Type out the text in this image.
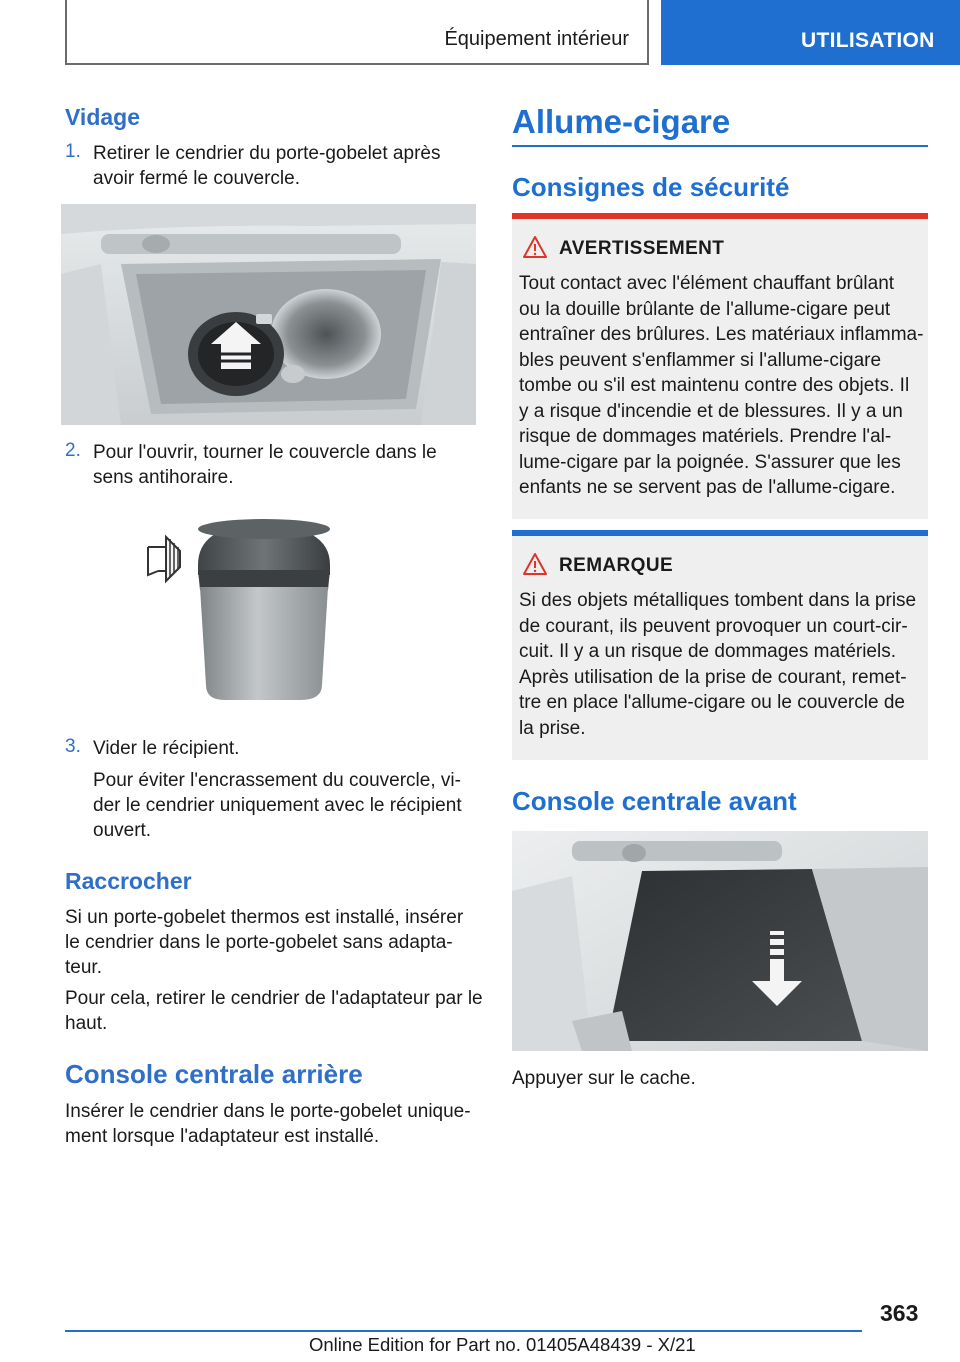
Équipement intérieur	UTILISATION
Vidage
1. Retirer le cendrier du porte-gobelet après
avoir fermé le couvercle.
2. Pour l'ouvrir, tourner le couvercle dans le
sens antihoraire.
3. Vider le récipient.
Pour éviter l'encrassement du couvercle, vi‐
der le cendrier uniquement avec le récipient
ouvert.
Raccrocher
Si un porte-gobelet thermos est installé, insérer
le cendrier dans le porte-gobelet sans adapta‐
teur.
Pour cela, retirer le cendrier de l'adaptateur par le
haut.
Console centrale arrière
Insérer le cendrier dans le porte-gobelet unique‐
ment lorsque l'adaptateur est installé.
Allume-cigare
Consignes de sécurité
AVERTISSEMENT
Tout contact avec l'élément chauffant brûlant
ou la douille brûlante de l'allume-cigare peut
entraîner des brûlures. Les matériaux inflamma‐
bles peuvent s'enflammer si l'allume-cigare
tombe ou s'il est maintenu contre des objets. Il
y a risque d'incendie et de blessures. Il y a un
risque de dommages matériels. Prendre l'al‐
lume-cigare par la poignée. S'assurer que les
enfants ne se servent pas de l'allume-cigare.
REMARQUE
Si des objets métalliques tombent dans la prise
de courant, ils peuvent provoquer un court-cir‐
cuit. Il y a un risque de dommages matériels.
Après utilisation de la prise de courant, remet‐
tre en place l'allume-cigare ou le couvercle de
la prise.
Console centrale avant
Appuyer sur le cache.
363
Online Edition for Part no. 01405A48439 - X/21
